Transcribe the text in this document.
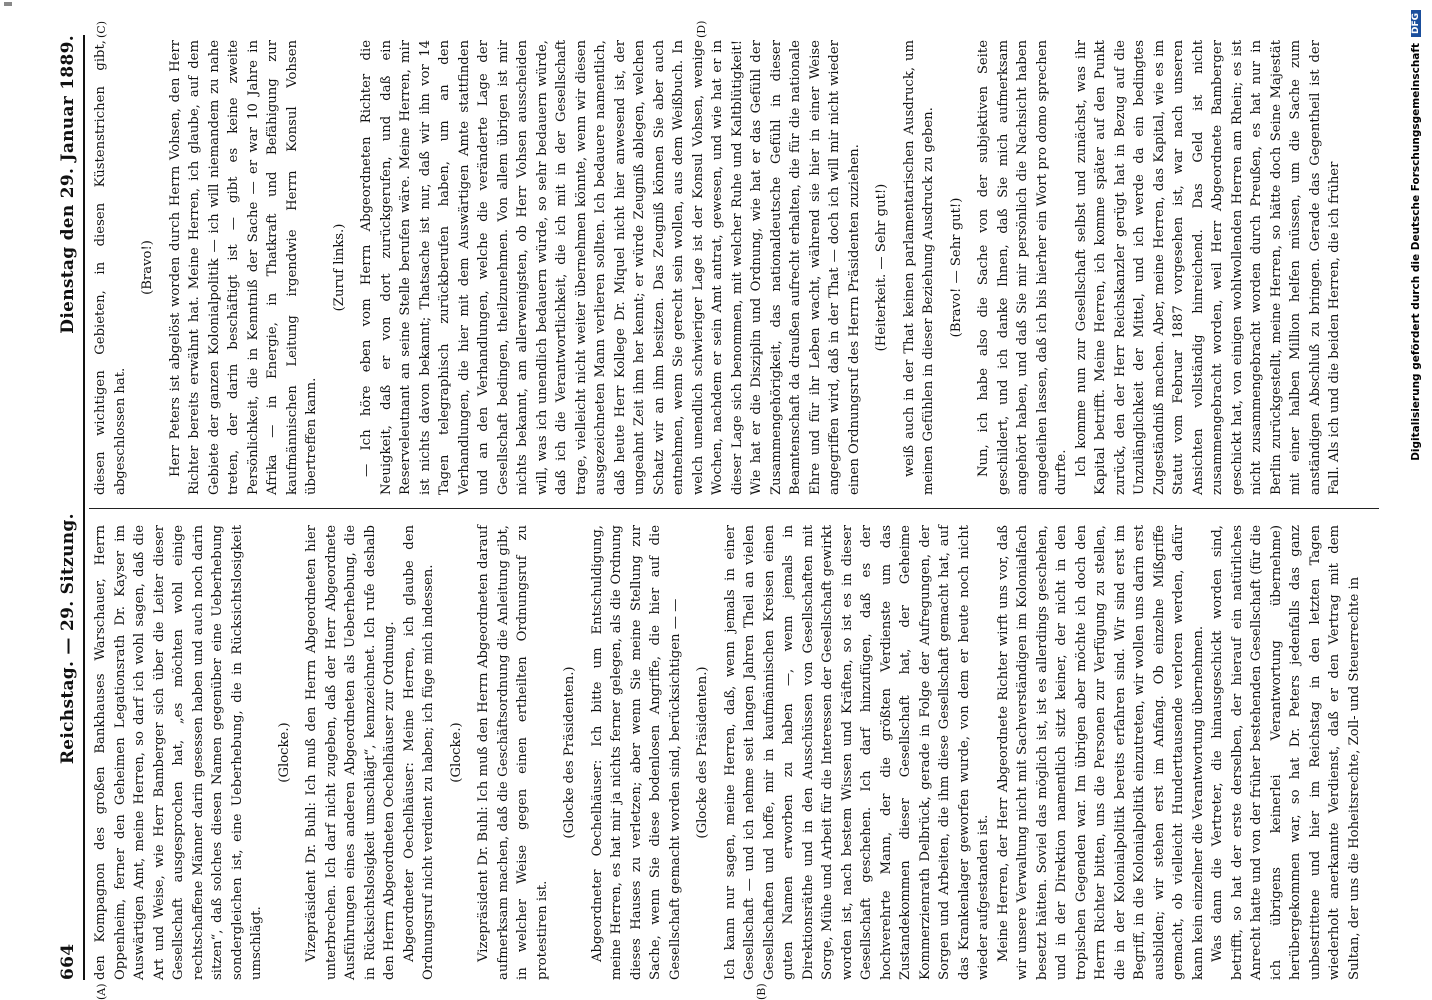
664
Reichstag. — 29. Sitzung.
Dienstag den 29. Januar 1889.
(A)	(B)
(C)	(D)

den Kompagnon des großen Bankhauses Warschauer, Herrn Oppenheim, ferner den Geheimen Legationsrath Dr. Kayser im Auswärtigen Amt, meine Herren, so darf ich wohl sagen, daß die Art und Weise, wie Herr Bamberger sich über die Leiter dieser Gesellschaft ausgesprochen hat, „es möchten wohl einige rechtschaffene Männer darin gesessen haben und auch noch darin sitzen“, daß solches diesen Namen gegenüber eine Ueberhebung sondergleichen ist, eine Ueberhebung, die in Rücksichtslosigkeit umschlägt.

(Glocke.) Vizepräsident Dr. Buhl: Ich muß den Herrn Abgeordneten hier unterbrechen. Ich darf nicht zugeben, daß der Herr Abgeordnete Ausführungen eines anderen Abgeordneten als Ueberhebung, die in Rücksichtslosigkeit umschlägt“, kennzeichnet. Ich rufe deshalb den Herrn Abgeordneten Oechelhäuser zur Ordnung. Abgeordneter Oechelhäuser: Meine Herren, ich glaube den Ordnungsruf nicht verdient zu haben; ich füge mich indessen. (Glocke.) Vizepräsident Dr. Buhl: Ich muß den Herrn Abgeordneten darauf aufmerksam machen, daß die Geschäftsordnung die Anleitung gibt, in welcher Weise gegen einen ertheilten Ordnungsruf zu protestiren ist.

(Glocke des Präsidenten.) Abgeordneter Oechelhäuser: Ich bitte um Entschuldigung, meine Herren, es hat mir ja nichts ferner gelegen, als die Ordnung dieses Hauses zu verletzen; aber wenn Sie meine Stellung zur Sache, wenn Sie diese bodenlosen Angriffe, die hier auf die Gesellschaft gemacht worden sind, berücksichtigen — — (Glocke des Präsidenten.) Ich kann nur sagen, meine Herren, daß, wenn jemals in einer Gesellschaft — und ich nehme seit langen Jahren Theil an vielen Gesellschaften und hoffe, mir in kaufmännischen Kreisen einen guten Namen erworben zu haben —, wenn jemals in Direktionsräthe und in den Ausschüssen von Gesellschaften mit Sorge, Mühe und Arbeit für die Interessen der Gesellschaft gewirkt worden ist, nach bestem Wissen und Kräften, so ist es in dieser Gesellschaft geschehen. Ich darf hinzufügen, daß es der hochverehrte Mann, der die größten Verdienste um das Zustandekommen dieser Gesellschaft hat, der Geheime Kommerzienrath Delbrück, gerade in Folge der Aufregungen, der Sorgen und Arbeiten, die ihm diese Gesellschaft gemacht hat, auf das Krankenlager geworfen wurde, von dem er heute noch nicht wieder aufgestanden ist. Meine Herren, der Herr Abgeordnete Richter wirft uns vor, daß wir unsere Verwaltung nicht mit Sachverständigen im Kolonialfach besetzt hätten. Soviel das möglich ist, ist es allerdings geschehen, und in der Direktion namentlich sitzt keiner, der nicht in den tropischen Gegenden war. Im übrigen aber möchte ich doch den Herrn Richter bitten, uns die Personen zur Verfügung zu stellen, die in der Kolonialpolitik bereits erfahren sind. Wir sind erst im Begriff, in die Kolonialpolitik einzutreten, wir wollen uns darin erst ausbilden; wir stehen erst im Anfang. Ob einzelne Mißgriffe gemacht, ob vielleicht Hunderttausende verloren werden, dafür kann kein einzelner die Verantwortung übernehmen. Was dann die Vertreter, die hinausgeschickt worden sind, betrifft, so hat der erste derselben, der hierauf ein natürliches Anrecht hatte und von der früher bestehenden Gesellschaft (für die ich übrigens keinerlei Verantwortung übernehme) herübergekommen war, so hat Dr. Peters jedenfalls das ganz unbestrittene und hier im Reichstag in den letzten Tagen wiederholt anerkannte Verdienst, daß er den Vertrag mit dem Sultan, der uns die Hoheitsrechte, Zoll- und Steuerrechte in

diesen wichtigen Gebieten, in diesen Küstenstrichen gibt, abgeschlossen hat.

(Bravo!) Herr Peters ist abgelöst worden durch Herrn Vohsen, den Herr Richter bereits erwähnt hat. Meine Herren, ich glaube, auf dem Gebiete der ganzen Kolonialpolitik — ich will niemandem zu nahe treten, der darin beschäftigt ist — gibt es keine zweite Persönlichkeit, die in Kenntniß der Sache — er war 10 Jahre in Afrika — in Energie, in Thatkraft und Befähigung zur kaufmännischen Leitung irgendwie Herrn Konsul Vohsen übertreffen kann.

(Zuruf links.) — Ich höre eben vom Herrn Abgeordneten Richter die Neuigkeit, daß er von dort zurückgerufen, und daß ein Reserveleutnant an seine Stelle berufen wäre. Meine Herren, mir ist nichts davon bekannt; Thatsache ist nur, daß wir ihn vor 14 Tagen telegraphisch zurückberufen haben, um an den Verhandlungen, die hier mit dem Auswärtigen Amte stattfinden und an den Verhandlungen, welche die veränderte Lage der Gesellschaft bedingen, theilzunehmen. Von allem übrigen ist mir nichts bekannt, am allerwenigsten, ob Herr Vohsen ausscheiden will, was ich unendlich bedauern würde, so sehr bedauern würde, daß ich die Verantwortlichkeit, die ich mit in der Gesellschaft trage, vielleicht nicht weiter übernehmen könnte, wenn wir diesen ausgezeichneten Mann verlieren sollten. Ich bedauere namentlich, daß heute Herr Kollege Dr. Miquel nicht hier anwesend ist, der ungeahnt Zeit ihm her kennt; er würde Zeugniß ablegen, welchen Schatz wir an ihm besitzen. Das Zeugniß können Sie aber auch entnehmen, wenn Sie gerecht sein wollen, aus dem Weißbuch. In welch unendlich schwieriger Lage ist der Konsul Vohsen, wenige Wochen, nachdem er sein Amt antrat, gewesen, und wie hat er in dieser Lage sich benommen, mit welcher Ruhe und Kaltblütigkeit! Wie hat er die Disziplin und Ordnung, wie hat er das Gefühl der Zusammengehörigkeit, das nationaldeutsche Gefühl in dieser Beamtenschaft da draußen aufrecht erhalten, die für die nationale Ehre und für ihr Leben wacht, während sie hier in einer Weise angegriffen wird, daß in der That — doch ich will mir nicht wieder einen Ordnungsruf des Herrn Präsidenten zuziehen. (Heiterkeit. — Sehr gut!) weiß auch in der That keinen parlamentarischen Ausdruck, um meinen Gefühlen in dieser Beziehung Ausdruck zu geben. (Bravo! — Sehr gut!) Nun, ich habe also die Sache von der subjektiven Seite geschildert, und ich danke Ihnen, daß Sie mich aufmerksam angehört haben, und daß Sie mir persönlich die Nachsicht haben angedeihen lassen, daß ich bis hierher ein Wort pro domo sprechen durfte. Ich komme nun zur Gesellschaft selbst und zunächst, was ihr Kapital betrifft. Meine Herren, ich komme später auf den Punkt zurück, den der Herr Reichskanzler gerügt hat in Bezug auf die Unzulänglichkeit der Mittel, und ich werde da ein bedingtes Zugeständniß machen. Aber, meine Herren, das Kapital, wie es im Statut vom Februar 1887 vorgesehen ist, war nach unseren Ansichten vollständig hinreichend. Das Geld ist nicht zusammengebracht worden, weil Herr Abgeordnete Bamberger geschickt hat, von einigen wohlwollenden Herren am Rhein; es ist nicht zusammengebracht worden durch Preußen, es hat nur in Berlin zurückgestellt, meine Herren, so hätte doch Seine Majestät mit einer halben Million helfen müssen, um die Sache zum anständigen Abschluß zu bringen. Gerade das Gegentheil ist der Fall. Als ich und die beiden Herren, die ich früher	Digitalisierung gefördert durch die Deutsche Forschungsgemeinschaft
DFG
